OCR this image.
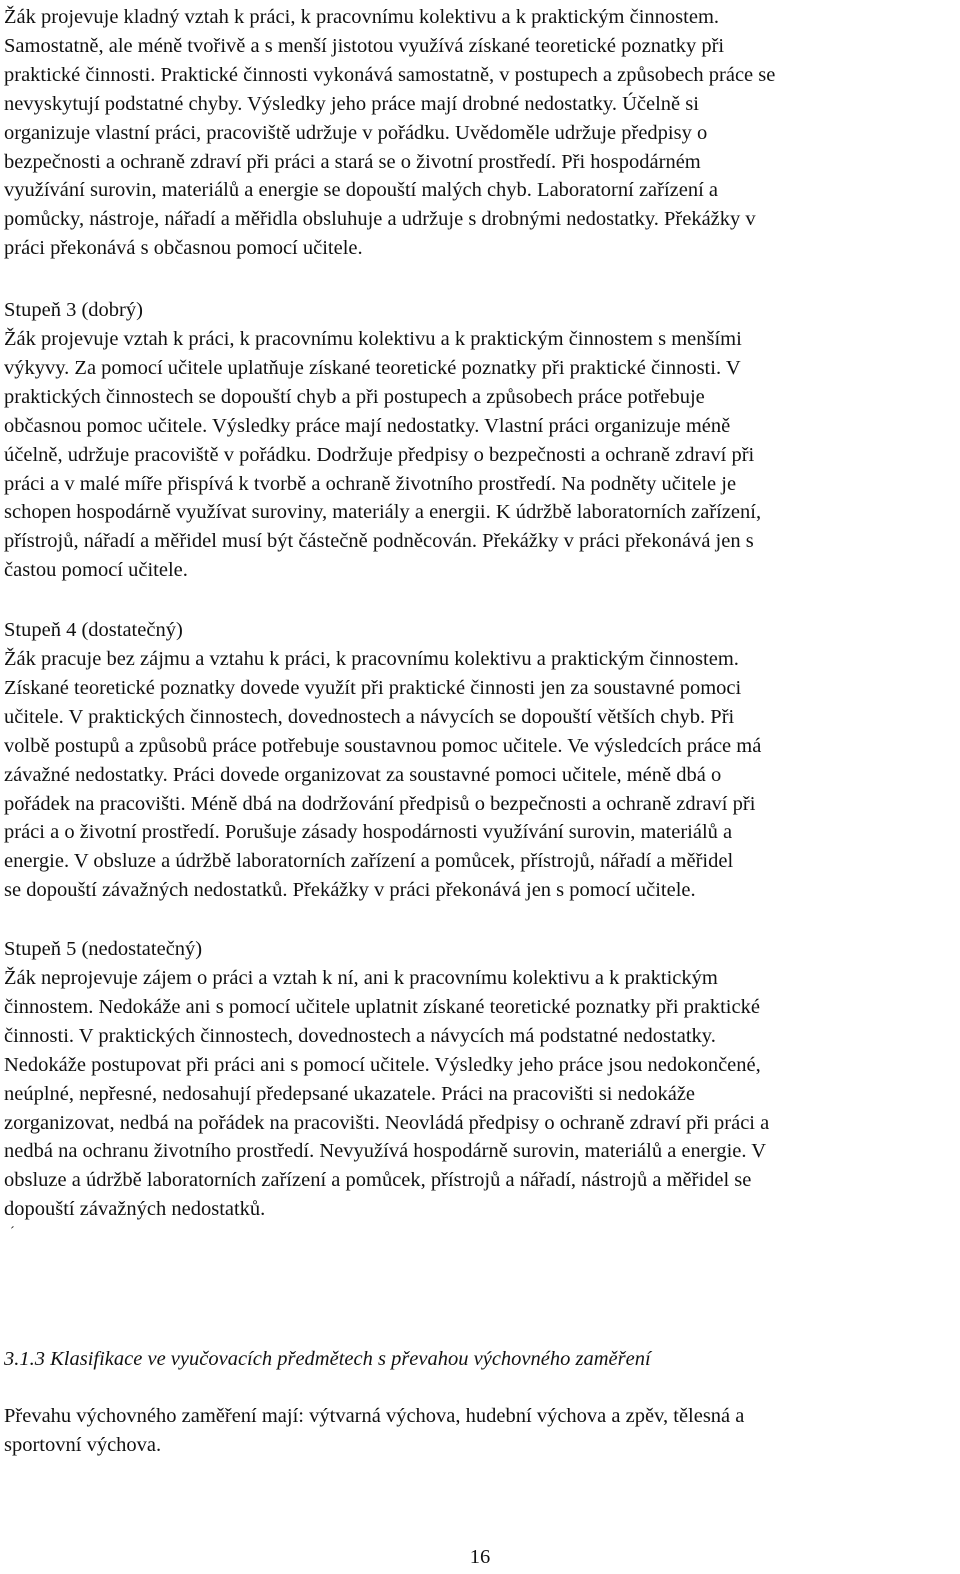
Žák projevuje kladný vztah k práci, k pracovnímu kolektivu a k praktickým činnostem.
Samostatně, ale méně tvořivě a s menší jistotou využívá získané teoretické poznatky při
praktické činnosti. Praktické činnosti vykonává samostatně, v postupech a způsobech práce se
nevyskytují podstatné chyby. Výsledky jeho práce mají drobné nedostatky. Účelně si
organizuje vlastní práci, pracoviště udržuje v pořádku. Uvědoměle udržuje předpisy o
bezpečnosti a ochraně zdraví při práci a stará se o životní prostředí. Při hospodárném
využívání surovin, materiálů a energie se dopouští malých chyb. Laboratorní zařízení a
pomůcky, nástroje, nářadí a měřidla obsluhuje a udržuje s drobnými nedostatky. Překážky v
práci překonává s občasnou pomocí učitele.

Stupeň 3 (dobrý)

Žák projevuje vztah k práci, k pracovnímu kolektivu a k praktickým činnostem s menšími
výkyvy. Za pomocí učitele uplatňuje získané teoretické poznatky při praktické činnosti. V
praktických činnostech se dopouští chyb a při postupech a způsobech práce potřebuje
občasnou pomoc učitele. Výsledky práce mají nedostatky. Vlastní práci organizuje méně
účelně, udržuje pracoviště v pořádku. Dodržuje předpisy o bezpečnosti a ochraně zdraví při
práci a v malé míře přispívá k tvorbě a ochraně životního prostředí. Na podněty učitele je
schopen hospodárně využívat suroviny, materiály a energii. K údržbě laboratorních zařízení,
přístrojů, nářadí a měřidel musí být částečně podněcován. Překážky v práci překonává jen s
častou pomocí učitele.

Stupeň 4 (dostatečný)

Žák pracuje bez zájmu a vztahu k práci, k pracovnímu kolektivu a praktickým činnostem.
Získané teoretické poznatky dovede využít při praktické činnosti jen za soustavné pomoci
učitele. V praktických činnostech, dovednostech a návycích se dopouští větších chyb. Při
volbě postupů a způsobů práce potřebuje soustavnou pomoc učitele. Ve výsledcích práce má
závažné nedostatky. Práci dovede organizovat za soustavné pomoci učitele, méně dbá o
pořádek na pracovišti. Méně dbá na dodržování předpisů o bezpečnosti a ochraně zdraví při
práci a o životní prostředí. Porušuje zásady hospodárnosti využívání surovin, materiálů a
energie. V obsluze a údržbě laboratorních zařízení a pomůcek, přístrojů, nářadí a měřidel
se dopouští závažných nedostatků. Překážky v práci překonává jen s pomocí učitele.

Stupeň 5 (nedostatečný)

Žák neprojevuje zájem o práci a vztah k ní, ani k pracovnímu kolektivu a k praktickým
činnostem. Nedokáže ani s pomocí učitele uplatnit získané teoretické poznatky při praktické
činnosti. V praktických činnostech, dovednostech a návycích má podstatné nedostatky.
Nedokáže postupovat při práci ani s pomocí učitele. Výsledky jeho práce jsou nedokončené,
neúplné, nepřesné, nedosahují předepsané ukazatele. Práci na pracovišti si nedokáže
zorganizovat, nedbá na pořádek na pracovišti. Neovládá předpisy o ochraně zdraví při práci a
nedbá na ochranu životního prostředí. Nevyužívá hospodárně surovin, materiálů a energie. V
obsluze a údržbě laboratorních zařízení a pomůcek, přístrojů a nářadí, nástrojů a měřidel se
dopouští závažných nedostatků.

´
3.1.3 Klasifikace ve vyučovacích předmětech s převahou výchovného zaměření

Převahu výchovného zaměření mají: výtvarná výchova, hudební výchova a zpěv, tělesná a
sportovní výchova.

16
